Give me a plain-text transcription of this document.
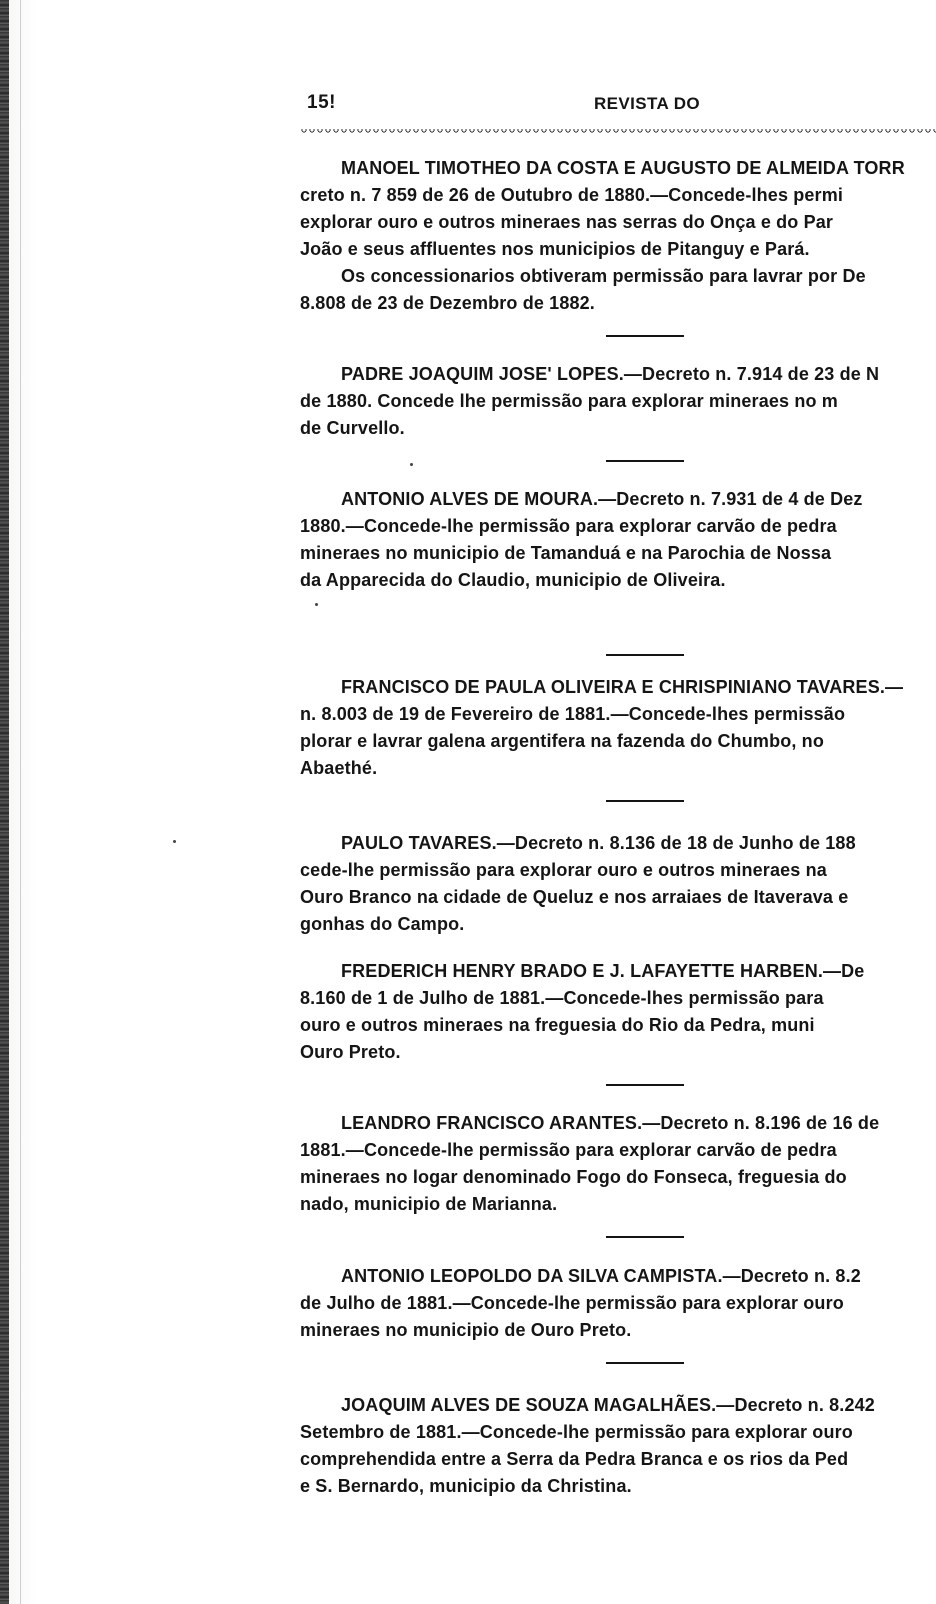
15!	REVISTA DO
MANOEL TIMOTHEO DA COSTA E AUGUSTO DE ALMEIDA TORR
creto n. 7 859 de 26 de Outubro de 1880.—Concede-lhes permi
explorar ouro e outros mineraes nas serras do Onça e do Par
João e seus affluentes nos municipios de Pitanguy e Pará.
Os concessionarios obtiveram permissão para lavrar por De
8.808 de 23 de Dezembro de 1882.
PADRE JOAQUIM JOSE' LOPES.—Decreto n. 7.914 de 23 de N
de 1880. Concede lhe permissão para explorar mineraes no m
de Curvello.
ANTONIO ALVES DE MOURA.—Decreto n. 7.931 de 4 de Dez
1880.—Concede-lhe permissão para explorar carvão de pedra
mineraes no municipio de Tamanduá e na Parochia de Nossa
da Apparecida do Claudio, municipio de Oliveira.
FRANCISCO DE PAULA OLIVEIRA E CHRISPINIANO TAVARES.—
n. 8.003 de 19 de Fevereiro de 1881.—Concede-lhes permissão
plorar e lavrar galena argentifera na fazenda do Chumbo, no
Abaethé.
PAULO TAVARES.—Decreto n. 8.136 de 18 de Junho de 188
cede-lhe permissão para explorar ouro e outros mineraes na
Ouro Branco na cidade de Queluz e nos arraiaes de Itaverava e
gonhas do Campo.
FREDERICH HENRY BRADO E J. LAFAYETTE HARBEN.—De
8.160 de 1 de Julho de 1881.—Concede-lhes permissão para
ouro e outros mineraes na freguesia do Rio da Pedra, muni
Ouro Preto.
LEANDRO FRANCISCO ARANTES.—Decreto n. 8.196 de 16 de
1881.—Concede-lhe permissão para explorar carvão de pedra
mineraes no logar denominado Fogo do Fonseca, freguesia do
nado, municipio de Marianna.
ANTONIO LEOPOLDO DA SILVA CAMPISTA.—Decreto n. 8.2
de Julho de 1881.—Concede-lhe permissão para explorar ouro
mineraes no municipio de Ouro Preto.
JOAQUIM ALVES DE SOUZA MAGALHÃES.—Decreto n. 8.242
Setembro de 1881.—Concede-lhe permissão para explorar ouro
comprehendida entre a Serra da Pedra Branca e os rios da Ped
e S. Bernardo, municipio da Christina.
